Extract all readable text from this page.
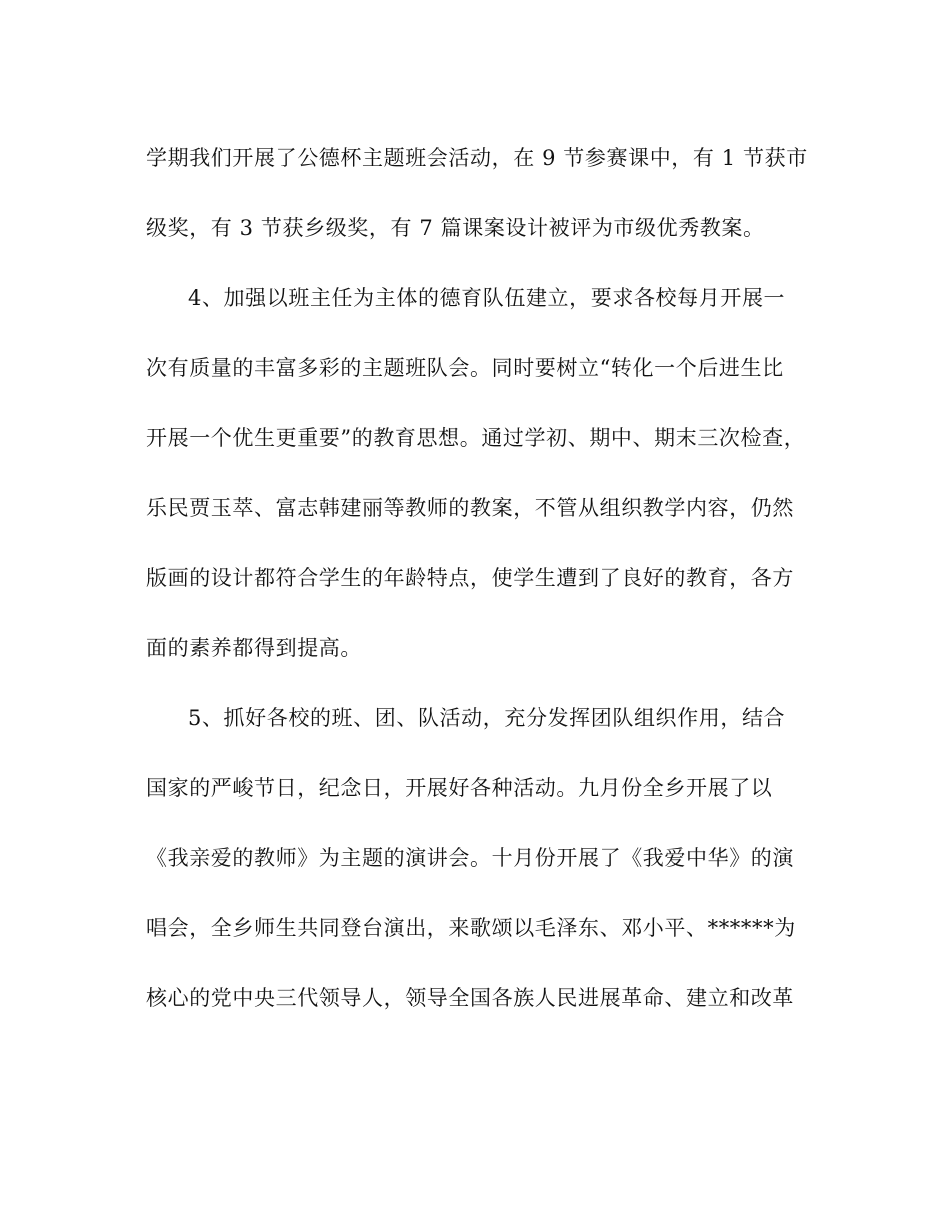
学期我们开展了公德杯主题班会活动，在 9 节参赛课中，有 1 节获市
级奖，有 3 节获乡级奖，有 7 篇课案设计被评为市级优秀教案。
4、加强以班主任为主体的德育队伍建立，要求各校每月开展一
次有质量的丰富多彩的主题班队会。同时要树立“转化一个后进生比
开展一个优生更重要”的教育思想。通过学初、期中、期末三次检查，
乐民贾玉萃、富志韩建丽等教师的教案，不管从组织教学内容，仍然
版画的设计都符合学生的年龄特点，使学生遭到了良好的教育，各方
面的素养都得到提高。
5、抓好各校的班、团、队活动，充分发挥团队组织作用，结合
国家的严峻节日，纪念日，开展好各种活动。九月份全乡开展了以
《我亲爱的教师》为主题的演讲会。十月份开展了《我爱中华》的演
唱会，全乡师生共同登台演出，来歌颂以毛泽东、邓小平、******为
核心的党中央三代领导人，领导全国各族人民进展革命、建立和改革
